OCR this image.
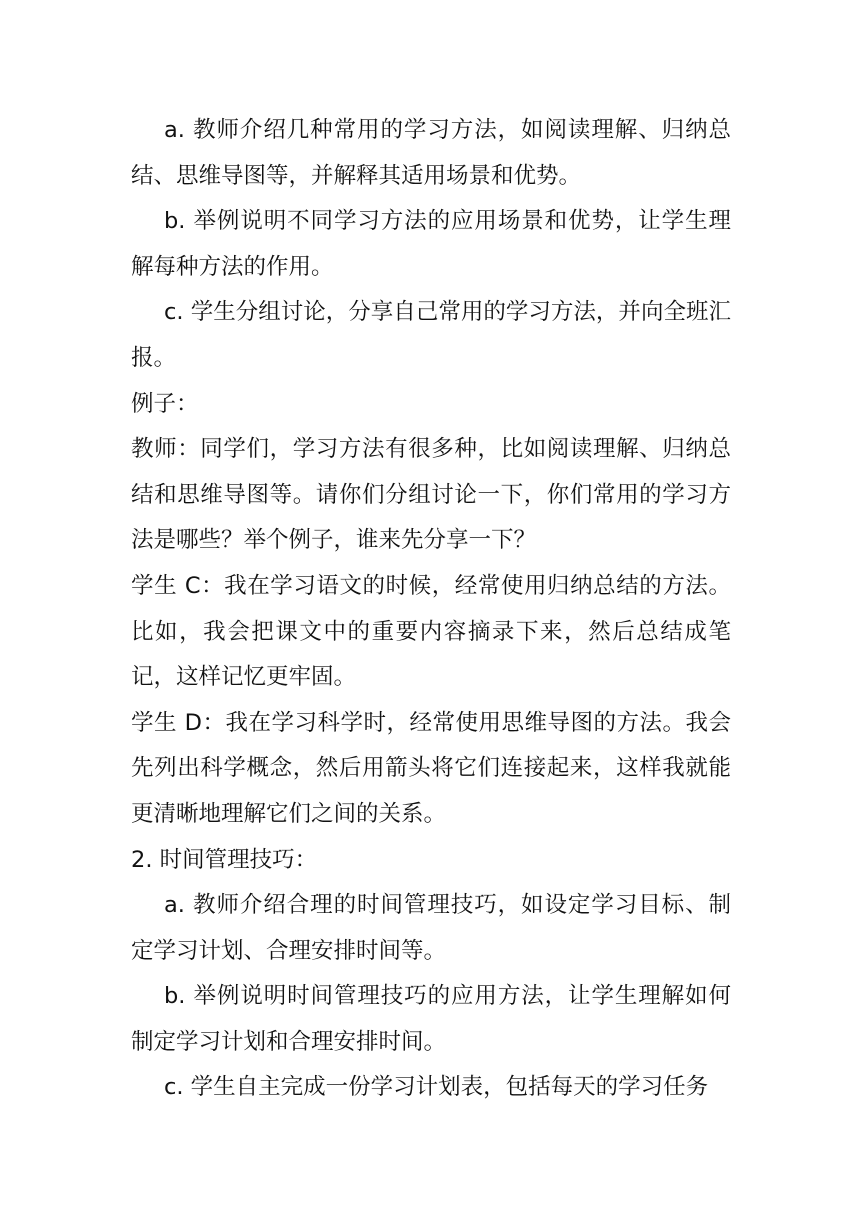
a. 教师介绍几种常用的学习方法，如阅读理解、归纳总结、思维导图等，并解释其适用场景和优势。

b. 举例说明不同学习方法的应用场景和优势，让学生理解每种方法的作用。

c. 学生分组讨论，分享自己常用的学习方法，并向全班汇报。

例子：

教师：同学们，学习方法有很多种，比如阅读理解、归纳总结和思维导图等。请你们分组讨论一下，你们常用的学习方法是哪些？举个例子，谁来先分享一下？

学生 C：我在学习语文的时候，经常使用归纳总结的方法。比如，我会把课文中的重要内容摘录下来，然后总结成笔记，这样记忆更牢固。

学生 D：我在学习科学时，经常使用思维导图的方法。我会先列出科学概念，然后用箭头将它们连接起来，这样我就能更清晰地理解它们之间的关系。

2. 时间管理技巧：

a. 教师介绍合理的时间管理技巧，如设定学习目标、制定学习计划、合理安排时间等。

b. 举例说明时间管理技巧的应用方法，让学生理解如何制定学习计划和合理安排时间。

c. 学生自主完成一份学习计划表，包括每天的学习任务
